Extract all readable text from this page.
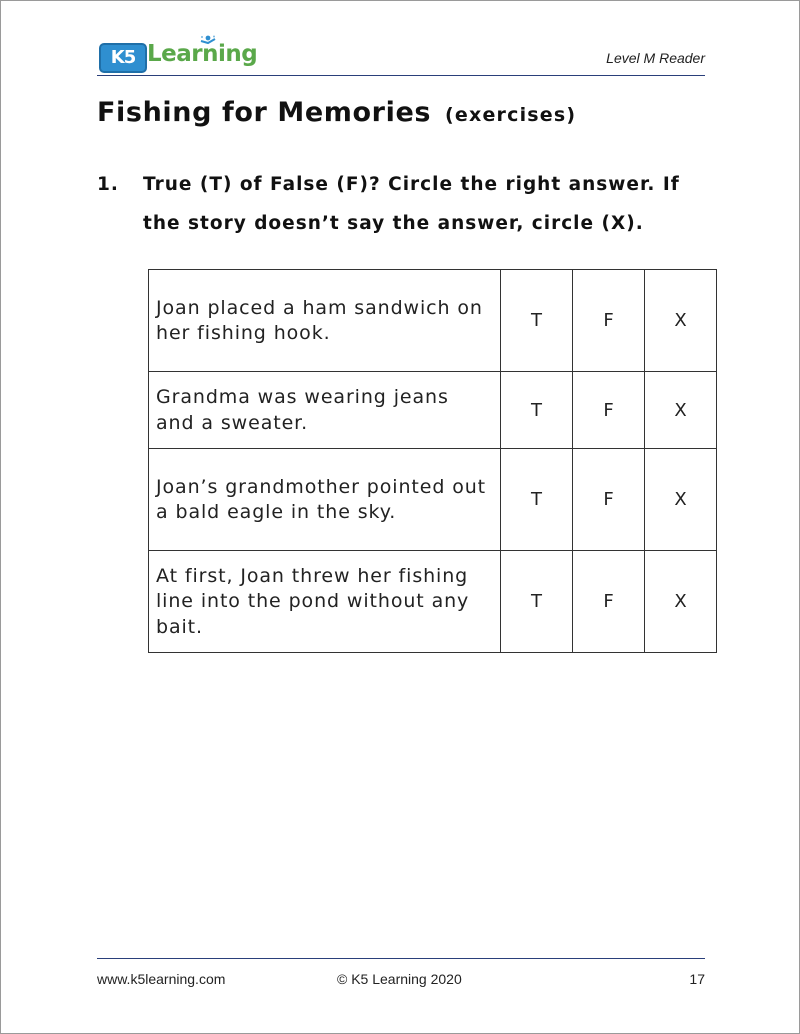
K5 Learning	Level M Reader
Fishing for Memories (exercises)
1. True (T) of False (F)? Circle the right answer. If the story doesn’t say the answer, circle (X).
Joan placed a ham sandwich on her fishing hook.	T	F	X
Grandma was wearing jeans and a sweater.	T	F	X
Joan’s grandmother pointed out a bald eagle in the sky.	T	F	X
At first, Joan threw her fishing line into the pond without any bait.	T	F	X
www.k5learning.com	© K5 Learning 2020	17
